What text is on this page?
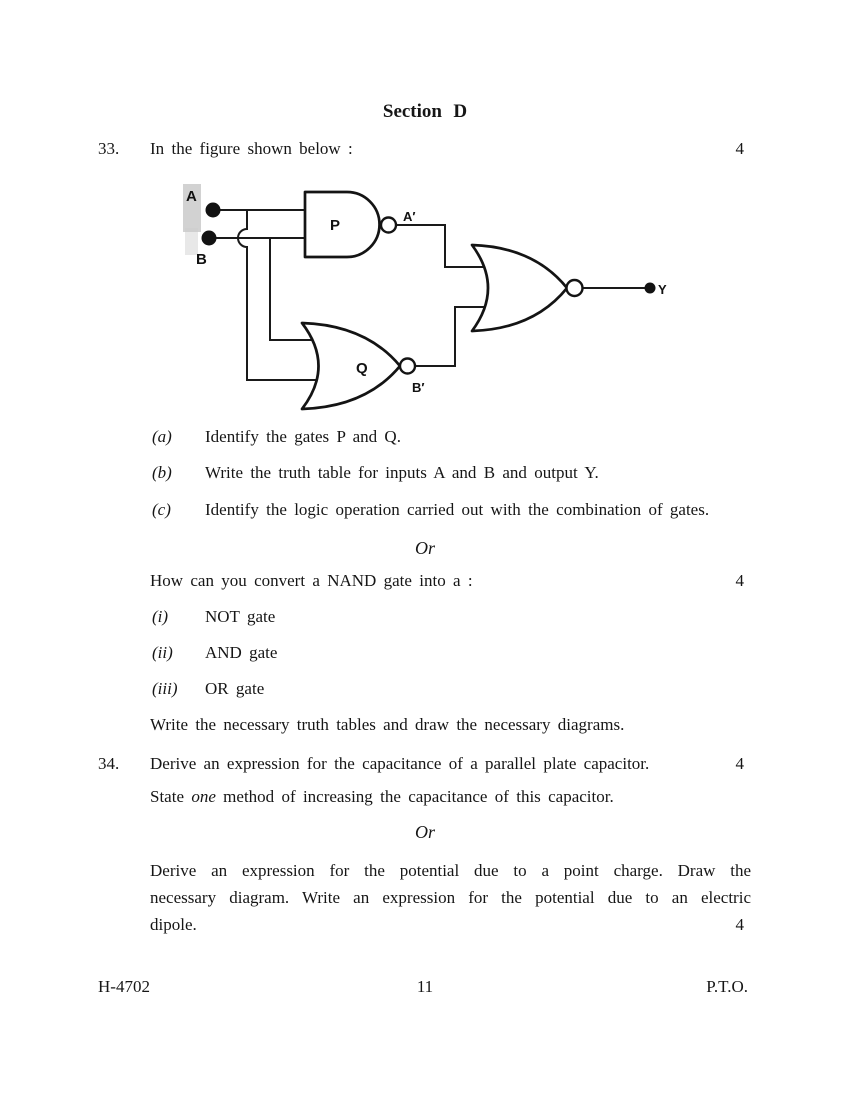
Section D
33. In the figure shown below :	4
A
B
P
Q
A′
B′
Y
(a) Identify the gates P and Q.
(b) Write the truth table for inputs A and B and output Y.
(c) Identify the logic operation carried out with the combination of gates.
Or
How can you convert a NAND gate into a :	4
(i) NOT gate
(ii) AND gate
(iii) OR gate
Write the necessary truth tables and draw the necessary diagrams.
34. Derive an expression for the capacitance of a parallel plate capacitor.	4
State one method of increasing the capacitance of this capacitor.
Or
Derive an expression for the potential due to a point charge. Draw the
necessary diagram. Write an expression for the potential due to an electric
dipole.	4
H-4702	11	P.T.O.
